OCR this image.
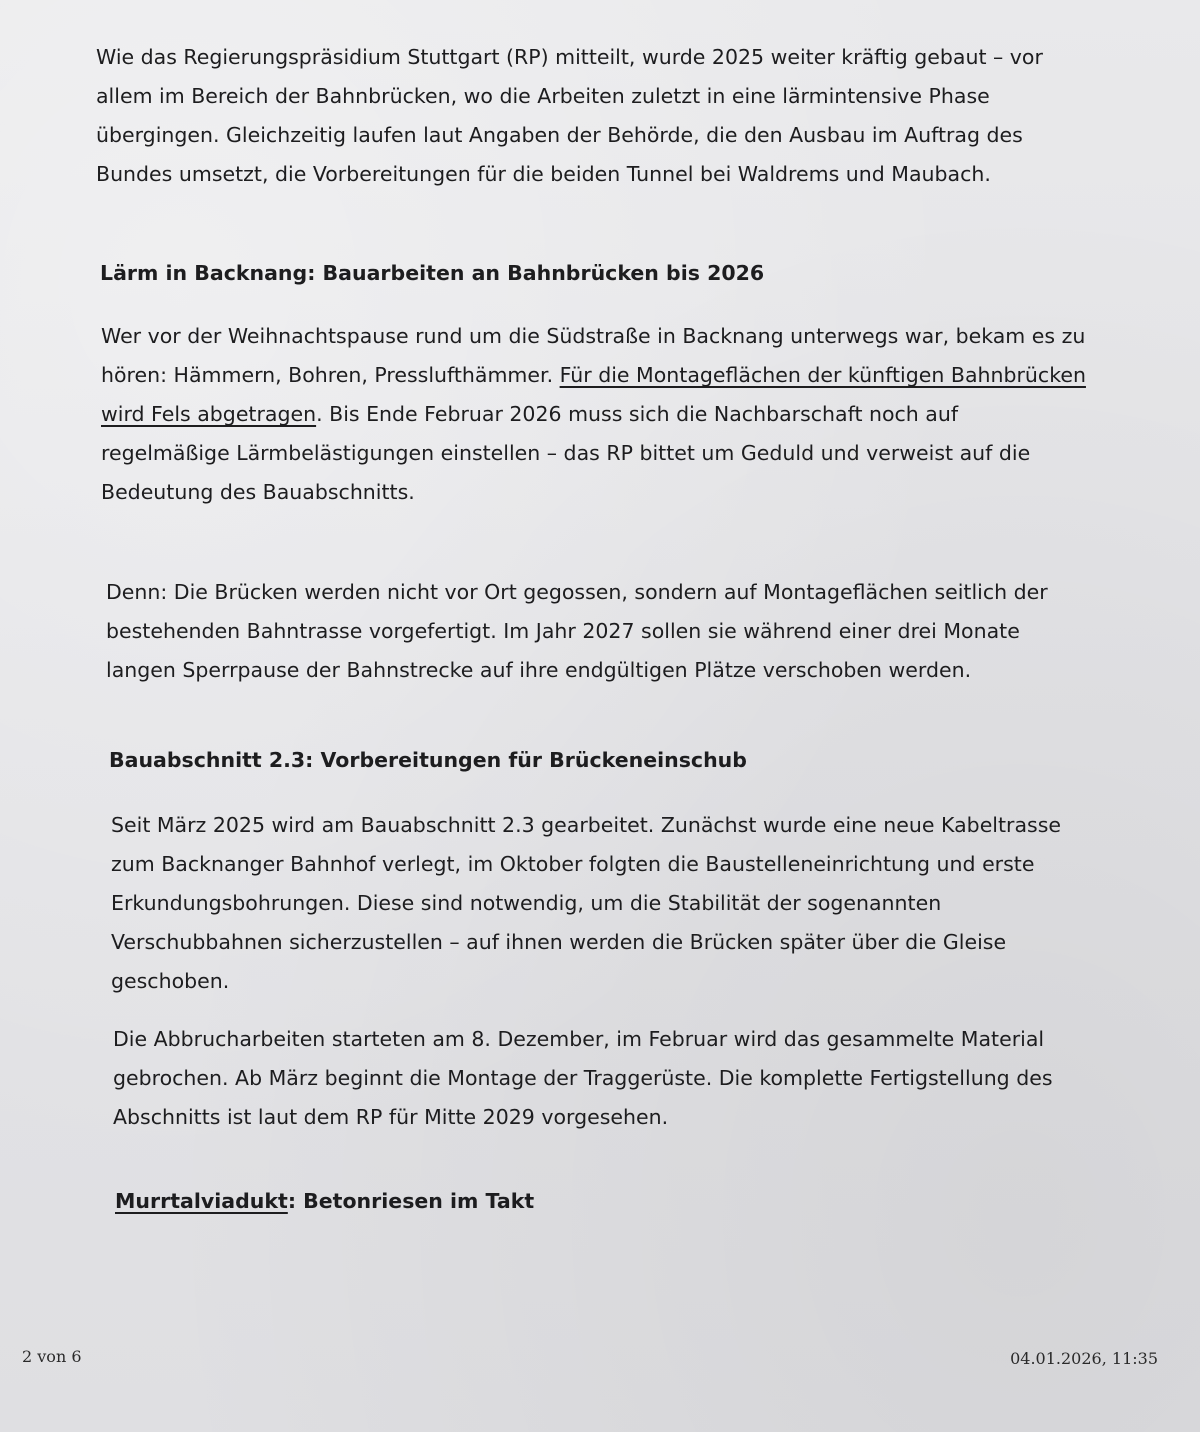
Wie das Regierungspräsidium Stuttgart (RP) mitteilt, wurde 2025 weiter kräftig gebaut – vor allem im Bereich der Bahnbrücken, wo die Arbeiten zuletzt in eine lärmintensive Phase übergingen. Gleichzeitig laufen laut Angaben der Behörde, die den Ausbau im Auftrag des Bundes umsetzt, die Vorbereitungen für die beiden Tunnel bei Waldrems und Maubach.

Lärm in Backnang: Bauarbeiten an Bahnbrücken bis 2026

Wer vor der Weihnachtspause rund um die Südstraße in Backnang unterwegs war, bekam es zu hören: Hämmern, Bohren, Presslufthämmer. Für die Montageflächen der künftigen Bahnbrücken wird Fels abgetragen. Bis Ende Februar 2026 muss sich die Nachbarschaft noch auf regelmäßige Lärmbelästigungen einstellen – das RP bittet um Geduld und verweist auf die Bedeutung des Bauabschnitts.

Denn: Die Brücken werden nicht vor Ort gegossen, sondern auf Montageflächen seitlich der bestehenden Bahntrasse vorgefertigt. Im Jahr 2027 sollen sie während einer drei Monate langen Sperrpause der Bahnstrecke auf ihre endgültigen Plätze verschoben werden.

Bauabschnitt 2.3: Vorbereitungen für Brückeneinschub

Seit März 2025 wird am Bauabschnitt 2.3 gearbeitet. Zunächst wurde eine neue Kabeltrasse zum Backnanger Bahnhof verlegt, im Oktober folgten die Baustelleneinrichtung und erste Erkundungsbohrungen. Diese sind notwendig, um die Stabilität der sogenannten Verschubbahnen sicherzustellen – auf ihnen werden die Brücken später über die Gleise geschoben.

Die Abbrucharbeiten starteten am 8. Dezember, im Februar wird das gesammelte Material gebrochen. Ab März beginnt die Montage der Traggerüste. Die komplette Fertigstellung des Abschnitts ist laut dem RP für Mitte 2029 vorgesehen.

Murrtalviadukt: Betonriesen im Takt
2 von 6	04.01.2026, 11:35
